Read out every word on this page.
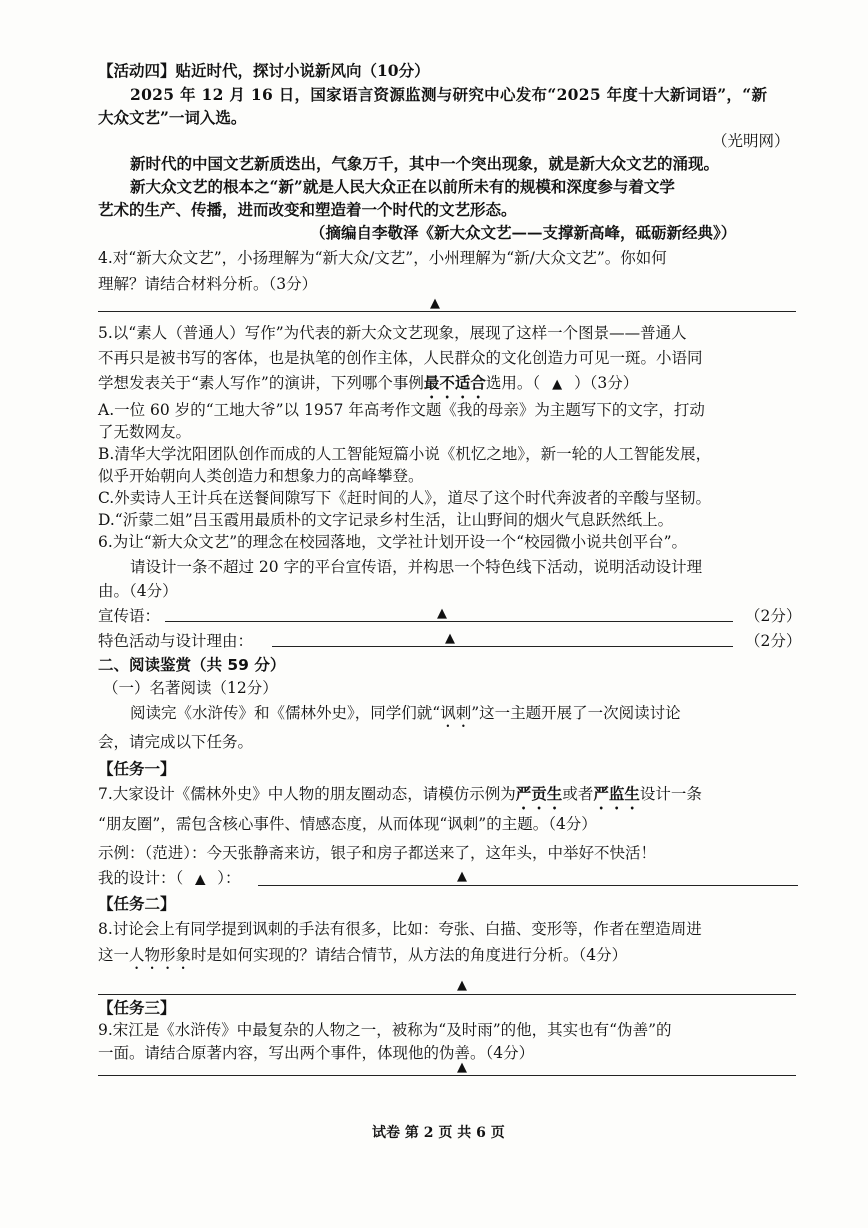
【活动四】贴近时代，探讨小说新风向（10分）
2025 年 12 月 16 日，国家语言资源监测与研究中心发布“2025 年度十大新词语”，“新
大众文艺”一词入选。
（光明网）
新时代的中国文艺新质迭出，气象万千，其中一个突出现象，就是新大众文艺的涌现。
新大众文艺的根本之“新”就是人民大众正在以前所未有的规模和深度参与着文学
艺术的生产、传播，进而改变和塑造着一个时代的文艺形态。
（摘编自李敬泽《新大众文艺——支撑新高峰，砥砺新经典》）
4.对“新大众文艺”，小扬理解为“新大众/文艺”，小州理解为“新/大众文艺”。你如何
理解？请结合材料分析。（3分）
▲
5.以“素人（普通人）写作”为代表的新大众文艺现象，展现了这样一个图景——普通人
不再只是被书写的客体，也是执笔的创作主体，人民群众的文化创造力可见一斑。小语同
学想发表关于“素人写作”的演讲，下列哪个事例最不适合选用。（ ▲ ）（3分）
A.一位 60 岁的“工地大爷”以 1957 年高考作文题《我的母亲》为主题写下的文字，打动
了无数网友。
B.清华大学沈阳团队创作而成的人工智能短篇小说《机忆之地》，新一轮的人工智能发展，
似乎开始朝向人类创造力和想象力的高峰攀登。
C.外卖诗人王计兵在送餐间隙写下《赶时间的人》，道尽了这个时代奔波者的辛酸与坚韧。
D.“沂蒙二姐”吕玉霞用最质朴的文字记录乡村生活，让山野间的烟火气息跃然纸上。
6.为让“新大众文艺”的理念在校园落地，文学社计划开设一个“校园微小说共创平台”。
请设计一条不超过 20 字的平台宣传语，并构思一个特色线下活动，说明活动设计理
由。（4分）
宣传语：	▲	（2分）
特色活动与设计理由：	▲	（2分）
二、阅读鉴赏（共 59 分）
（一）名著阅读（12分）
阅读完《水浒传》和《儒林外史》，同学们就“讽刺”这一主题开展了一次阅读讨论
会，请完成以下任务。
【任务一】
7.大家设计《儒林外史》中人物的朋友圈动态，请模仿示例为严贡生或者严监生设计一条
“朋友圈”，需包含核心事件、情感态度，从而体现“讽刺”的主题。（4分）
示例：（范进）：今天张静斋来访，银子和房子都送来了，这年头，中举好不快活！
我的设计：（ ▲ ）：	▲
【任务二】
8.讨论会上有同学提到讽刺的手法有很多，比如：夸张、白描、变形等，作者在塑造周进
这一人物形象时是如何实现的？请结合情节，从方法的角度进行分析。（4分）
▲
【任务三】
9.宋江是《水浒传》中最复杂的人物之一，被称为“及时雨”的他，其实也有“伪善”的
一面。请结合原著内容，写出两个事件，体现他的伪善。（4分）
▲
试卷 第 2 页 共 6 页
